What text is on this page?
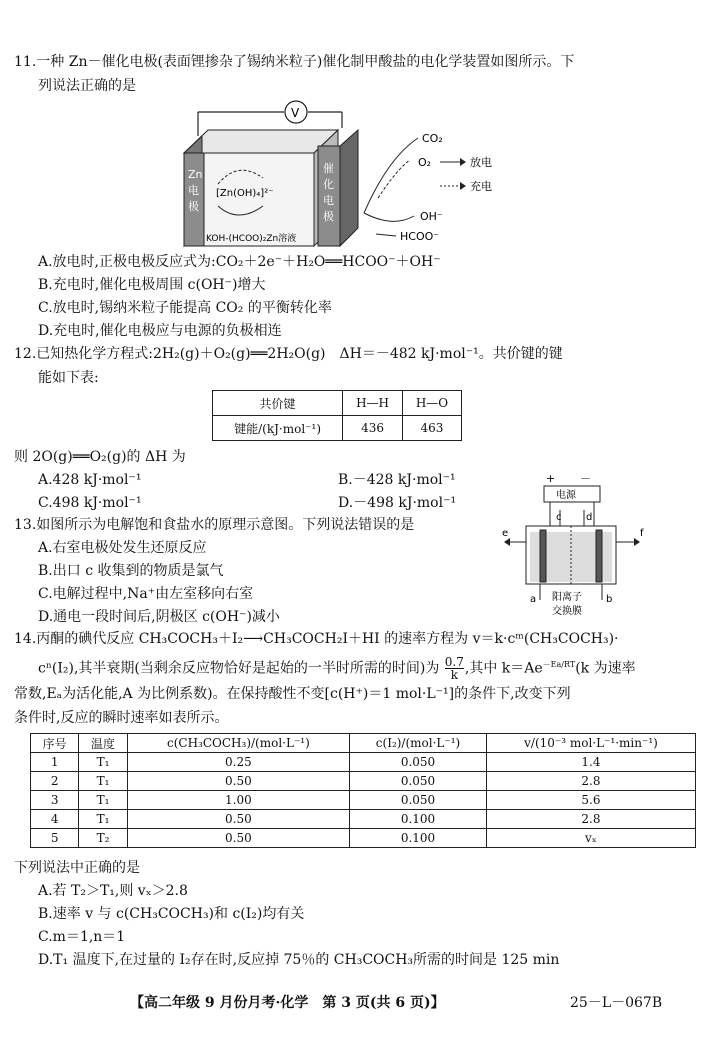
11.一种 Zn－催化电极(表面锂掺杂了锡纳米粒子)催化制甲酸盐的电化学装置如图所示。下
列说法正确的是
V
Zn
电
极
催
化
电
极
[Zn(OH)₄]²⁻
KOH-(HCOO)₂Zn溶液
CO₂
O₂
OH⁻
HCOO⁻
放电
充电
A.放电时,正极电极反应式为:CO₂＋2e⁻＋H₂O══HCOO⁻＋OH⁻
B.充电时,催化电极周围 c(OH⁻)增大
C.放电时,锡纳米粒子能提高 CO₂ 的平衡转化率
D.充电时,催化电极应与电源的负极相连
12.已知热化学方程式:2H₂(g)＋O₂(g)══2H₂O(g)　ΔH＝－482 kJ·mol⁻¹。共价键的键
能如下表:
共价键	H—H	H—O
键能/(kJ·mol⁻¹)	436	463
则 2O(g)══O₂(g)的 ΔH 为
A.428 kJ·mol⁻¹	B.－428 kJ·mol⁻¹
C.498 kJ·mol⁻¹	D.－498 kJ·mol⁻¹
13.如图所示为电解饱和食盐水的原理示意图。下列说法错误的是
A.右室电极处发生还原反应
B.出口 c 收集到的物质是氯气
C.电解过程中,Na⁺由左室移向右室
D.通电一段时间后,阴极区 c(OH⁻)减小
+ －
电源
c d
e	f
a	b
阳离子
交换膜
14.丙酮的碘代反应 CH₃COCH₃＋I₂⟶CH₃COCH₂I＋HI 的速率方程为 v＝k·cᵐ(CH₃COCH₃)·
cⁿ(I₂),其半衰期(当剩余反应物恰好是起始的一半时所需的时间)为 $\frac{0.7}{k}$ ,其中 $k=Ae^{-Ea/RT}(k$ 为速率
常数,Eₐ为活化能,A 为比例系数)。在保持酸性不变[c(H⁺)＝1 mol·L⁻¹]的条件下,改变下列
条件时,反应的瞬时速率如表所示。
序号	温度	c(CH₃COCH₃)/(mol·L⁻¹)	c(I₂)/(mol·L⁻¹)	v/(10⁻³ mol·L⁻¹·min⁻¹)
1	T₁	0.25	0.050	1.4
2	T₁	0.50	0.050	2.8
3	T₁	1.00	0.050	5.6
4	T₁	0.50	0.100	2.8
5	T₂	0.50	0.100	vₓ
下列说法中正确的是
A.若 T₂＞T₁,则 vₓ＞2.8
B.速率 v 与 c(CH₃COCH₃)和 c(I₂)均有关
C.m＝1,n＝1
D.T₁ 温度下,在过量的 I₂存在时,反应掉 75％的 CH₃COCH₃所需的时间是 125 min
【高二年级 9 月份月考·化学　第 3 页(共 6 页)】	25－L－067B
